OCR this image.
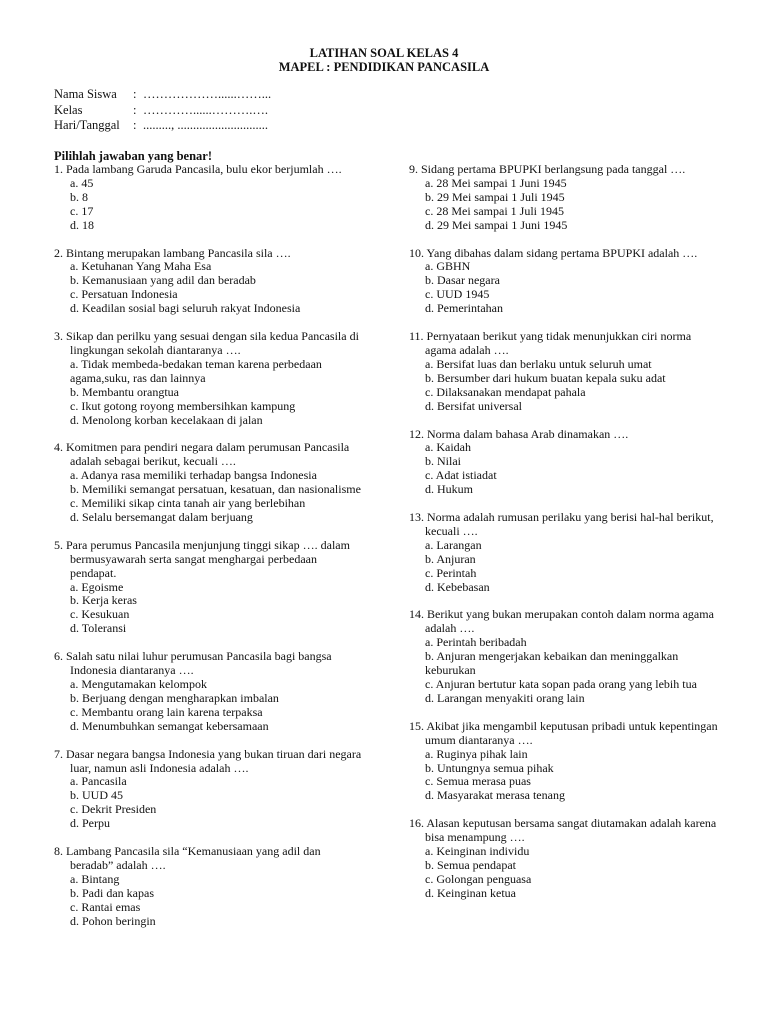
LATIHAN SOAL KELAS 4
MAPEL : PENDIDIKAN PANCASILA
Nama Siswa	: ………………......……...
Kelas	: …………......……….….
Hari/Tanggal	: ........., .............................
Pilihlah jawaban yang benar!
1. Pada lambang Garuda Pancasila, bulu ekor berjumlah ….
a. 45
b. 8
c. 17
d. 18
2. Bintang merupakan lambang Pancasila sila ….
a. Ketuhanan Yang Maha Esa
b. Kemanusiaan yang adil dan beradab
c. Persatuan Indonesia
d. Keadilan sosial bagi seluruh rakyat Indonesia
3. Sikap dan perilku yang sesuai dengan sila kedua Pancasila di lingkungan sekolah diantaranya ….
a. Tidak membeda-bedakan teman karena perbedaan agama,suku, ras dan lainnya
b. Membantu orangtua
c. Ikut gotong royong membersihkan kampung
d. Menolong korban kecelakaan di jalan
4. Komitmen para pendiri negara dalam perumusan Pancasila adalah sebagai berikut, kecuali ….
a. Adanya rasa memiliki terhadap bangsa Indonesia
b. Memiliki semangat persatuan, kesatuan, dan nasionalisme
c. Memiliki sikap cinta tanah air yang berlebihan
d. Selalu bersemangat dalam berjuang
5. Para perumus Pancasila menjunjung tinggi sikap …. dalam bermusyawarah serta sangat menghargai perbedaan pendapat.
a. Egoisme
b. Kerja keras
c. Kesukuan
d. Toleransi
6. Salah satu nilai luhur perumusan Pancasila bagi bangsa Indonesia diantaranya ….
a. Mengutamakan kelompok
b. Berjuang dengan mengharapkan imbalan
c. Membantu orang lain karena terpaksa
d. Menumbuhkan semangat kebersamaan
7. Dasar negara bangsa Indonesia yang bukan tiruan dari negara luar, namun asli Indonesia adalah ….
a. Pancasila
b. UUD 45
c. Dekrit Presiden
d. Perpu
8. Lambang Pancasila sila “Kemanusiaan yang adil dan beradab” adalah ….
a. Bintang
b. Padi dan kapas
c. Rantai emas
d. Pohon beringin
9. Sidang pertama BPUPKI berlangsung pada tanggal ….
a. 28 Mei sampai 1 Juni 1945
b. 29 Mei sampai 1 Juli 1945
c. 28 Mei sampai 1 Juli 1945
d. 29 Mei sampai 1 Juni 1945
10. Yang dibahas dalam sidang pertama BPUPKI adalah ….
a. GBHN
b. Dasar negara
c. UUD 1945
d. Pemerintahan
11. Pernyataan berikut yang tidak menunjukkan ciri norma agama adalah ….
a. Bersifat luas dan berlaku untuk seluruh umat
b. Bersumber dari hukum buatan kepala suku adat
c. Dilaksanakan mendapat pahala
d. Bersifat universal
12. Norma dalam bahasa Arab dinamakan ….
a. Kaidah
b. Nilai
c. Adat istiadat
d. Hukum
13. Norma adalah rumusan perilaku yang berisi hal-hal berikut, kecuali ….
a. Larangan
b. Anjuran
c. Perintah
d. Kebebasan
14. Berikut yang bukan merupakan contoh dalam norma agama adalah ….
a. Perintah beribadah
b. Anjuran mengerjakan kebaikan dan meninggalkan keburukan
c. Anjuran bertutur kata sopan pada orang yang lebih tua
d. Larangan menyakiti orang lain
15. Akibat jika mengambil keputusan pribadi untuk kepentingan umum diantaranya ….
a. Ruginya pihak lain
b. Untungnya semua pihak
c. Semua merasa puas
d. Masyarakat merasa tenang
16. Alasan keputusan bersama sangat diutamakan adalah karena bisa menampung ….
a. Keinginan individu
b. Semua pendapat
c. Golongan penguasa
d. Keinginan ketua
